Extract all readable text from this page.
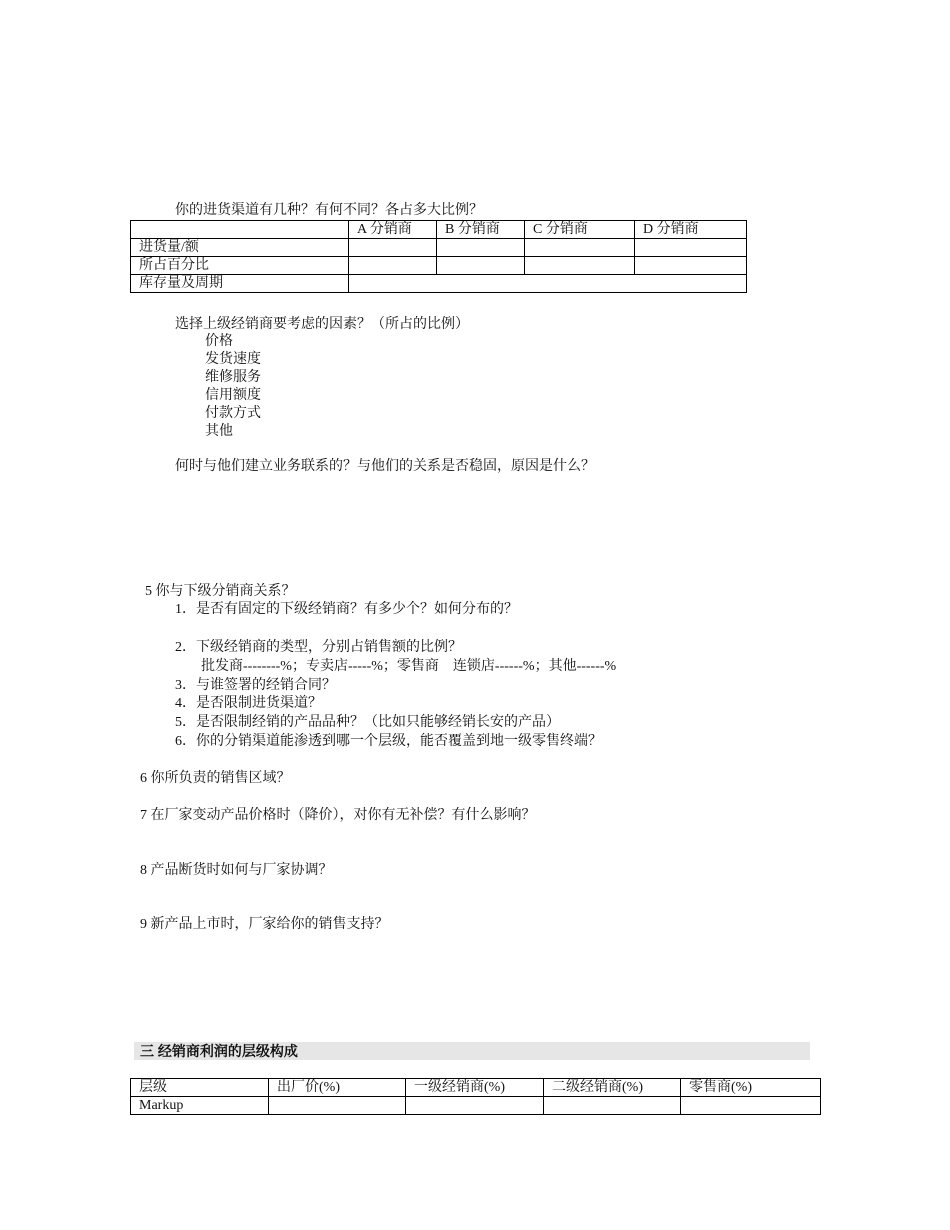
你的进货渠道有几种？有何不同？各占多大比例？
	A 分销商	B 分销商	C 分销商	D 分销商
进货量/额				
所占百分比				
库存量及周期				
选择上级经销商要考虑的因素？（所占的比例）
价格
发货速度
维修服务
信用额度
付款方式
其他
何时与他们建立业务联系的？与他们的关系是否稳固，原因是什么？
5 你与下级分销商关系？
1．是否有固定的下级经销商？有多少个？如何分布的？
2．下级经销商的类型，分别占销售额的比例？
批发商--------%；专卖店-----%；零售商　连锁店------%；其他------%
3．与谁签署的经销合同？
4．是否限制进货渠道？
5．是否限制经销的产品品种？（比如只能够经销长安的产品）
6．你的分销渠道能渗透到哪一个层级，能否覆盖到地一级零售终端？
6 你所负责的销售区域？
7 在厂家变动产品价格时（降价），对你有无补偿？有什么影响？
8 产品断货时如何与厂家协调？
9 新产品上市时，厂家给你的销售支持？
三 经销商利润的层级构成
层级	出厂价(%)	一级经销商(%)	二级经销商(%)	零售商(%)
Markup				
